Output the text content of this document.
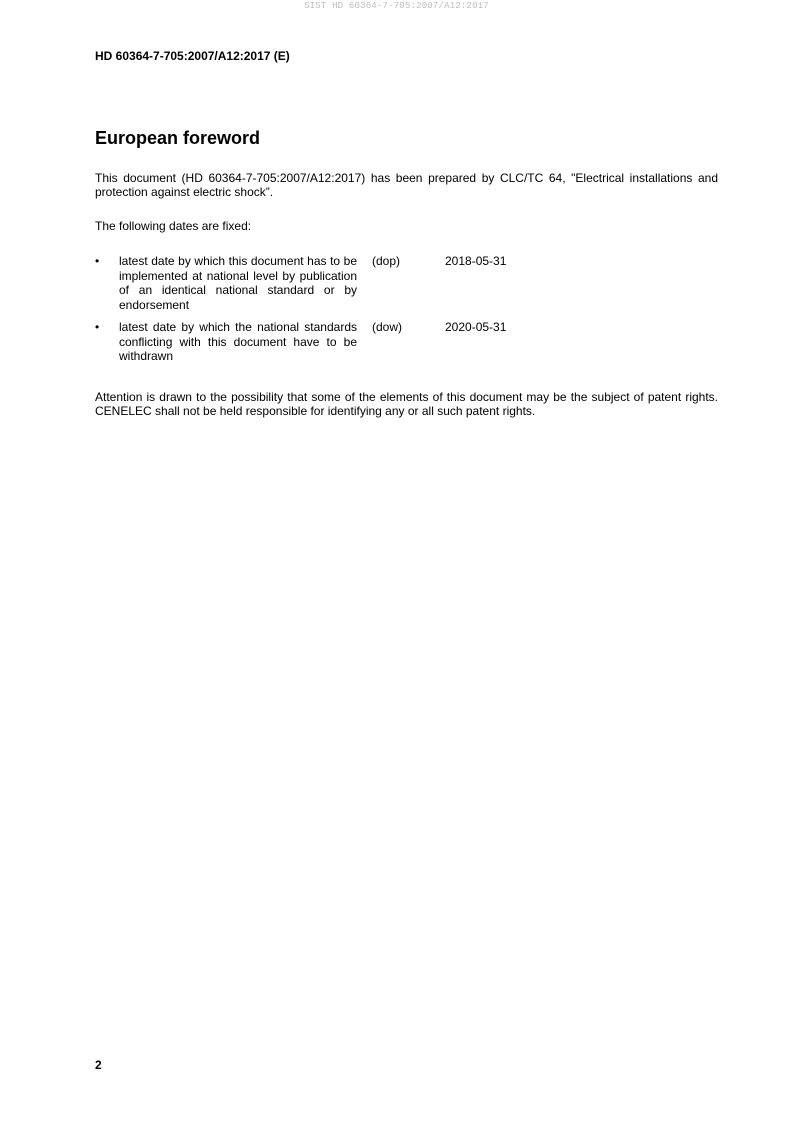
SIST HD 60364-7-705:2007/A12:2017
HD 60364-7-705:2007/A12:2017 (E)
European foreword

This document (HD 60364-7-705:2007/A12:2017) has been prepared by CLC/TC 64, "Electrical installations and protection against electric shock”.

The following dates are fixed:

•	latest date by which this document has to be implemented at national level by publication of an identical national standard or by endorsement
(dop)	2018-05-31
•	latest date by which the national standards conflicting with this document have to be withdrawn
(dow)	2020-05-31

Attention is drawn to the possibility that some of the elements of this document may be the subject of patent rights. CENELEC shall not be held responsible for identifying any or all such patent rights.

2
